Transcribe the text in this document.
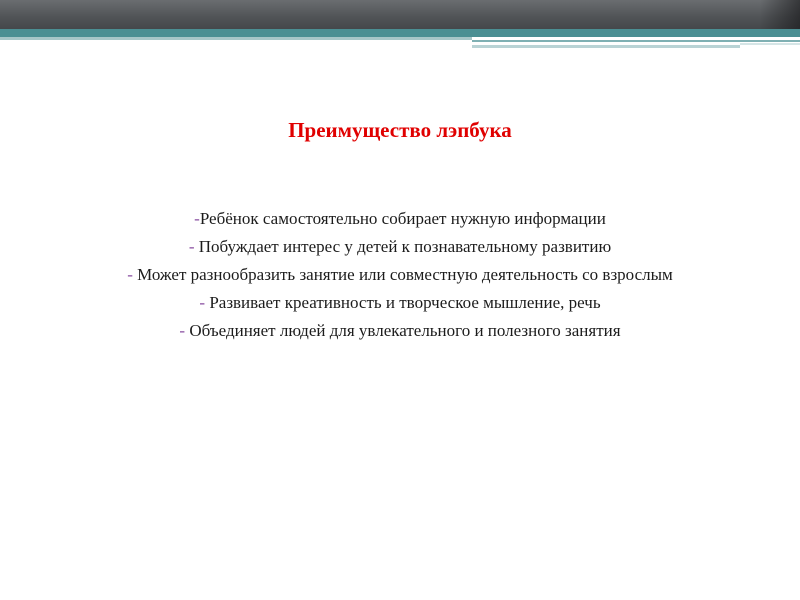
Преимущество лэпбука
-Ребёнок самостоятельно собирает нужную информации
- Побуждает интерес у детей к познавательному развитию
- Может разнообразить занятие или совместную деятельность со взрослым
- Развивает креативность и творческое мышление, речь
- Объединяет людей для увлекательного и полезного занятия
